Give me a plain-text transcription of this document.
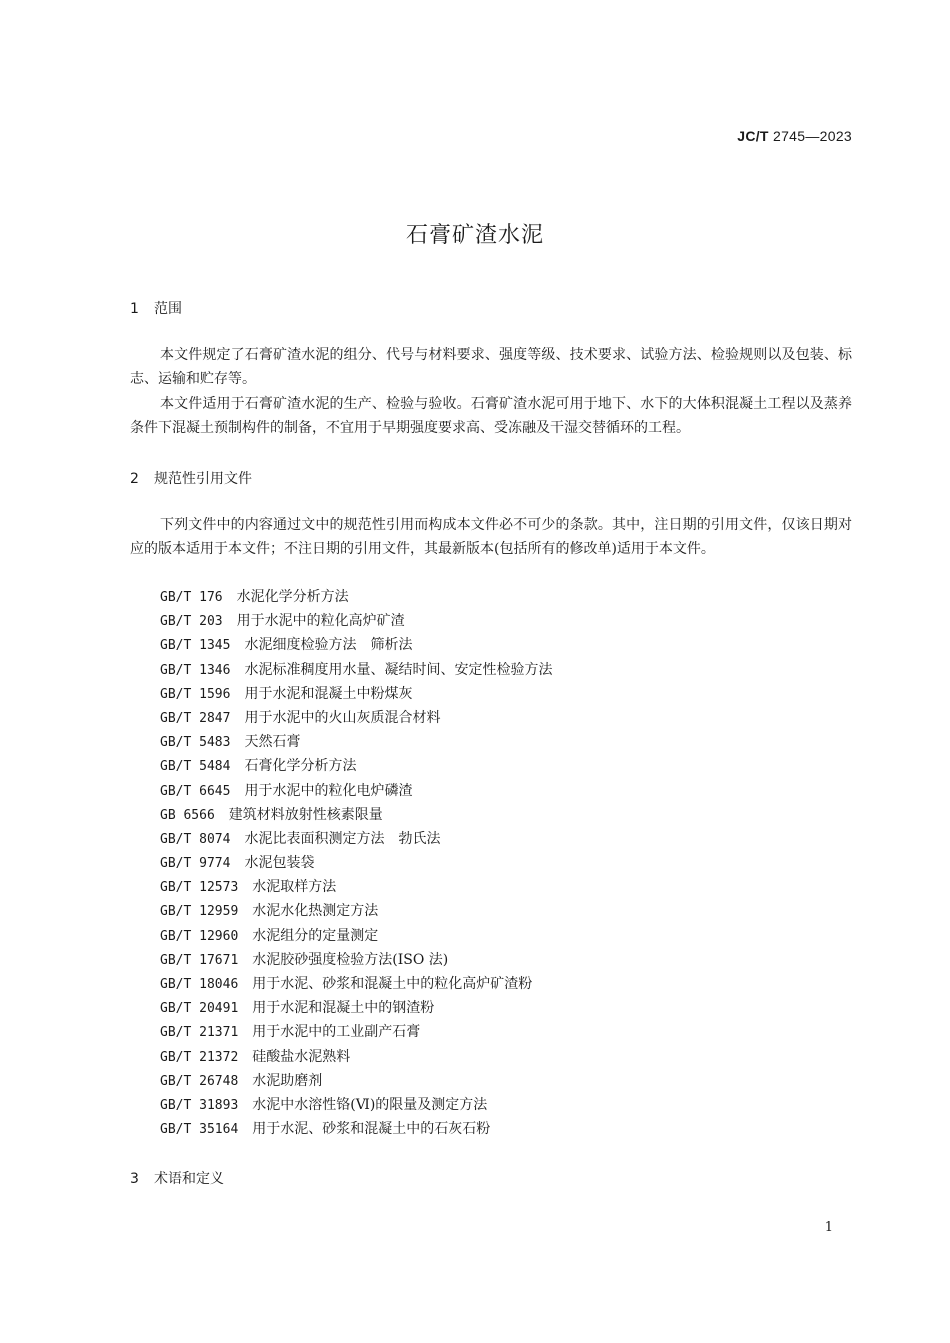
JC/T 2745—2023
石膏矿渣水泥
1 范围

本文件规定了石膏矿渣水泥的组分、代号与材料要求、强度等级、技术要求、试验方法、检验规则以及包装、标志、运输和贮存等。

本文件适用于石膏矿渣水泥的生产、检验与验收。石膏矿渣水泥可用于地下、水下的大体积混凝土工程以及蒸养条件下混凝土预制构件的制备，不宜用于早期强度要求高、受冻融及干湿交替循环的工程。

2 规范性引用文件

下列文件中的内容通过文中的规范性引用而构成本文件必不可少的条款。其中，注日期的引用文件，仅该日期对应的版本适用于本文件；不注日期的引用文件，其最新版本(包括所有的修改单)适用于本文件。

GB/T 176 水泥化学分析方法
GB/T 203 用于水泥中的粒化高炉矿渣
GB/T 1345 水泥细度检验方法　筛析法
GB/T 1346 水泥标准稠度用水量、凝结时间、安定性检验方法
GB/T 1596 用于水泥和混凝土中粉煤灰
GB/T 2847 用于水泥中的火山灰质混合材料
GB/T 5483 天然石膏
GB/T 5484 石膏化学分析方法
GB/T 6645 用于水泥中的粒化电炉磷渣
GB 6566 建筑材料放射性核素限量
GB/T 8074 水泥比表面积测定方法　勃氏法
GB/T 9774 水泥包装袋
GB/T 12573 水泥取样方法
GB/T 12959 水泥水化热测定方法
GB/T 12960 水泥组分的定量测定
GB/T 17671 水泥胶砂强度检验方法(ISO 法)
GB/T 18046 用于水泥、砂浆和混凝土中的粒化高炉矿渣粉
GB/T 20491 用于水泥和混凝土中的钢渣粉
GB/T 21371 用于水泥中的工业副产石膏
GB/T 21372 硅酸盐水泥熟料
GB/T 26748 水泥助磨剂
GB/T 31893 水泥中水溶性铬(Ⅵ)的限量及测定方法
GB/T 35164 用于水泥、砂浆和混凝土中的石灰石粉
3 术语和定义
1
